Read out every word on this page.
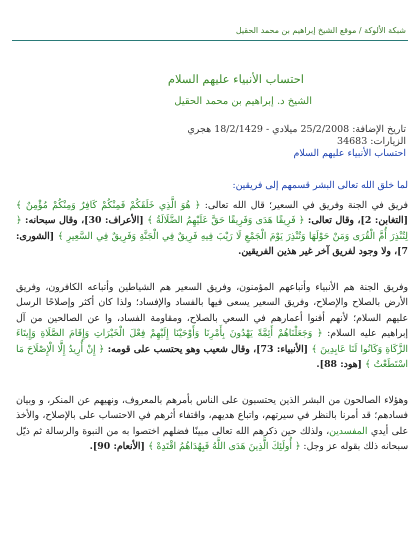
شبكة الألوكة / موقع الشيخ إبراهيم بن محمد الحقيل
احتساب الأنبياء عليهم السلام
الشيخ د. إبراهيم بن محمد الحقيل
تاريخ الإضافة: 25/2/2008 ميلادي - 18/2/1429 هجري
الزيارات: 34683
احتساب الأنبياء عليهم السلام

لما خلق الله تعالى البشر قسمهم إلى فريقين:

فريق في الجنة وفريق في السعير؛ قال الله تعالى: ﴿ هُوَ الَّذِي خَلَقَكُمْ فَمِنْكُمْ كَافِرٌ وَمِنْكُمْ مُؤْمِنٌ ﴾ [التغابن: 2]، وقال تعالى: ﴿ فَرِيقًا هَدَى وَفَرِيقًا حَقَّ عَلَيْهِمُ الضَّلَالَةُ ﴾ [الأعراف: 30]، وقال سبحانه: ﴿ لِتُنْذِرَ أُمَّ الْقُرَى وَمَنْ حَوْلَهَا وَتُنْذِرَ يَوْمَ الْجَمْعِ لَا رَيْبَ فِيهِ فَرِيقٌ فِي الْجَنَّةِ وَفَرِيقٌ فِي السَّعِيرِ ﴾ [الشورى: 7]، ولا وجود لفريق آخر غير هذين الفريقين.

وفريق الجنة هم الأنبياء وأتباعهم المؤمنون، وفريق السعير هم الشياطين وأتباعه الكافرون، وفريق الأرض بالصلاح والإصلاح، وفريق السعير يسعى فيها بالفساد والإفساد؛ ولذا كان أكثر وإصلاحًا الرسل عليهم السلام؛ لأنهم أفنوا أعمارهم في السعي بالصلاح، ومقاومة الفساد، وا عن الصالحين من آل إبراهيم عليه السلام: ﴿ وَجَعَلْنَاهُمْ أَئِمَّةً يَهْدُونَ بِأَمْرِنَا وَأَوْحَيْنَا إِلَيْهِمْ فِعْلَ الْخَيْرَاتِ وَإِقَامَ الصَّلَاةِ وَإِيتَاءَ الزَّكَاةِ وَكَانُوا لَنَا عَابِدِينَ ﴾ [الأنبياء: 73]، وقال شعيب وهو يحتسب على قومه: ﴿ إِنْ أُرِيدُ إِلَّا الْإِصْلَاحَ مَا اسْتَطَعْتُ ﴾ [هود: 88].

وهؤلاء الصالحون من البشر الذين يحتسبون على الناس بأمرهم بالمعروف، ونهيهم عن المنكر، و وبيان فسادهم؛ قد أمرنا بالنظر في سيرتهم، واتباع هديهم، واقتفاء أثرهم في الاحتساب على بالإصلاح، والأخذ على أيدي المفسدين، ولذلك حين ذكرهم الله تعالى مبينًا فضلهم اختصوا به من النبوة والرسالة ثم ذيّل سبحانه ذلك بقوله عز وجل: ﴿ أُولَئِكَ الَّذِينَ هَدَى اللَّهُ فَبِهُدَاهُمُ اقْتَدِهْ ﴾ [الأنعام: 90].
